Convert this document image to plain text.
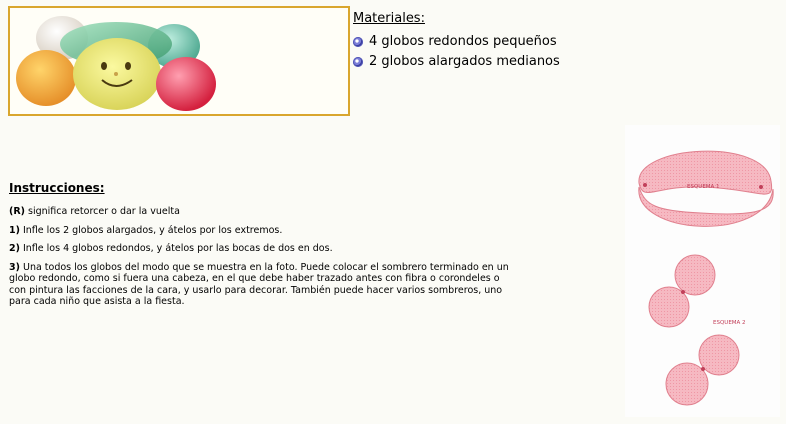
Materiales:
4 globos redondos pequeños
2 globos alargados medianos
Instrucciones:

(R) significa retorcer o dar la vuelta

1) Infle los 2 globos alargados, y átelos por los extremos.

2) Infle los 4 globos redondos, y átelos por las bocas de dos en dos.

3) Una todos los globos del modo que se muestra en la foto. Puede colocar el sombrero terminado en un globo redondo, como si fuera una cabeza, en el que debe haber trazado antes con fibra o corondeles o con pintura las facciones de la cara, y usarlo para decorar. También puede hacer varios sombreros, uno para cada niño que asista a la fiesta.

ESQUEMA 1
ESQUEMA 2
